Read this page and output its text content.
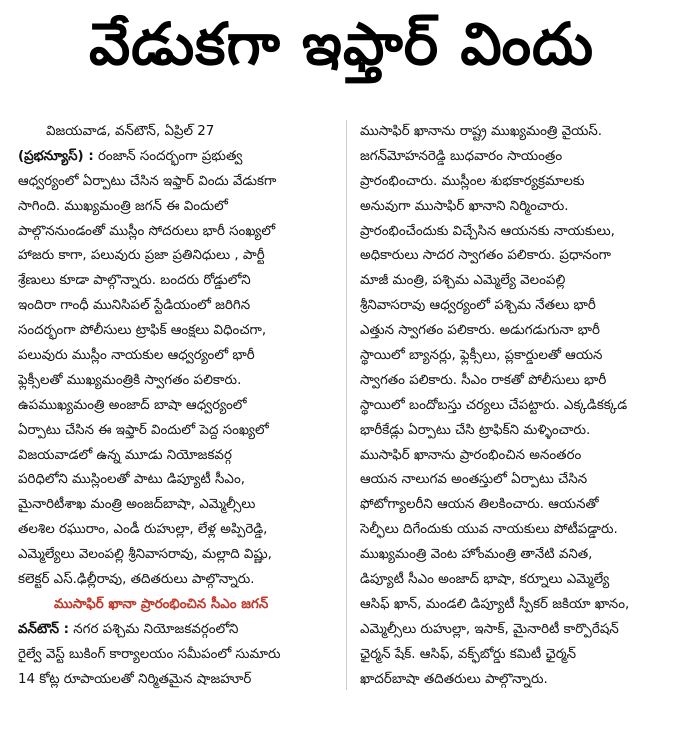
వేడుకగా ఇఫ్తార్ విందు
విజయవాడ, వన్‌టౌన్, ఏప్రిల్ 27
(ప్రభన్యూస్) : రంజాన్ సందర్భంగా ప్రభుత్వ
ఆధ్వర్యంలో ఏర్పాటు చేసిన ఇఫ్తార్ విందు వేడుకగా
సాగింది. ముఖ్యమంత్రి జగన్ ఈ విందులో
పాల్గొననుండంతో ముస్లీం సోదరులు భారీ సంఖ్యలో
హాజరు కాగా, పలువురు ప్రజా ప్రతినిధులు , పార్టీ
శ్రేణులు కూడా పాల్గొన్నారు. బందరు రోడ్డులోని
ఇందిరా గాంధీ మునిసిపల్ స్టేడియంలో జరిగిన
సందర్భంగా పోలీసులు ట్రాఫిక్ ఆంక్షలు విధించగా,
పలువురు ముస్లీం నాయకుల ఆధ్వర్యంలో భారీ
ఫ్లెక్సీలతో ముఖ్యమంత్రికి స్వాగతం పలికారు.
ఉపముఖ్యమంత్రి అంజాద్ బాషా ఆధ్వర్యంలో
ఏర్పాటు చేసిన ఈ ఇఫ్తార్ విందులో పెద్ద సంఖ్యలో
విజయవాడలో ఉన్న మూడు నియోజకవర్గ
పరిధిలోని ముస్లింలతో పాటు డిప్యూటీ సీఎం,
మైనారిటీశాఖ మంత్రి అంజద్‌బాషా, ఎమ్మెల్సీలు
తలశిల రఘురాం, ఎండీ రుహుల్లా, లేళ్ల అప్పిరెడ్డి,
ఎమ్మెల్యేలు వెలంపల్లి శ్రీనివాసరావు, మల్లాది విష్ణు,
కలెక్టర్ ఎస్.ఢిల్లీరావు, తదితరులు పాల్గొన్నారు.
ముసాఫిర్ ఖానా ప్రారంభించిన సీఎం జగన్
వన్‌టౌన్ : నగర పశ్చిమ నియోజకవర్గంలోని
రైల్వే వెస్ట్ బుకింగ్ కార్యాలయం సమీపంలో సుమారు
14 కోట్ల రూపాయలతో నిర్మితమైన షాజహూర్
ముసాఫిర్ ఖానాను రాష్ట్ర ముఖ్యమంత్రి వైయస్.
జగన్‌మోహనరెడ్డి బుధవారం సాయంత్రం
ప్రారంభించారు. ముస్లీంల శుభకార్యక్రమాలకు
అనువుగా ముసాఫిర్ ఖానాని నిర్మించారు.
ప్రారంభించేందుకు విచ్చేసిన ఆయనకు నాయకులు,
అధికారులు సాదర స్వాగతం పలికారు. ప్రధానంగా
మాజీ మంత్రి, పశ్చిమ ఎమ్మెల్యే వెలంపల్లి
శ్రీనివాసరావు ఆధ్వర్యంలో పశ్చిమ నేతలు భారీ
ఎత్తున స్వాగతం పలికారు. అడుగడుగునా భారీ
స్థాయిలో బ్యానర్లు, ఫ్లెక్సీలు, ప్లకార్డులతో ఆయన
స్వాగతం పలికారు. సీఎం రాకతో పోలీసులు భారీ
స్థాయిలో బందోబస్తు చర్యలు చేపట్టారు. ఎక్కడికక్కడ
భారీకేడ్లు ఏర్పాటు చేసి ట్రాఫిక్‌ని మళ్ళించారు.
ముసాఫిర్ ఖానాను ప్రారంభించిన అనంతరం
ఆయన నాలుగవ అంతస్తులో ఏర్పాటు చేసిన
ఫోటోగ్యాలరీని ఆయన తిలకించారు. ఆయనతో
సెల్ఫీలు దిగేందుకు యువ నాయకులు పోటీపడ్డారు.
ముఖ్యమంత్రి వెంట హోంమంత్రి తానేటి వనిత,
డిప్యూటీ సీఎం అంజాద్ భాషా, కర్నూలు ఎమ్మెల్యే
ఆసిఫ్ ఖాన్, మండలి డిప్యూటీ స్పీకర్ జకియా ఖానం,
ఎమ్మెల్సీలు రుహుల్లా, ఇసాక్, మైనారిటీ కార్పొరేషన్
ఛైర్మన్ షేక్. ఆసిఫ్, వక్ఫ్‌బోర్డు కమిటీ ఛైర్మన్
ఖాదర్‌బాషా తదితరులు పాల్గొన్నారు.
